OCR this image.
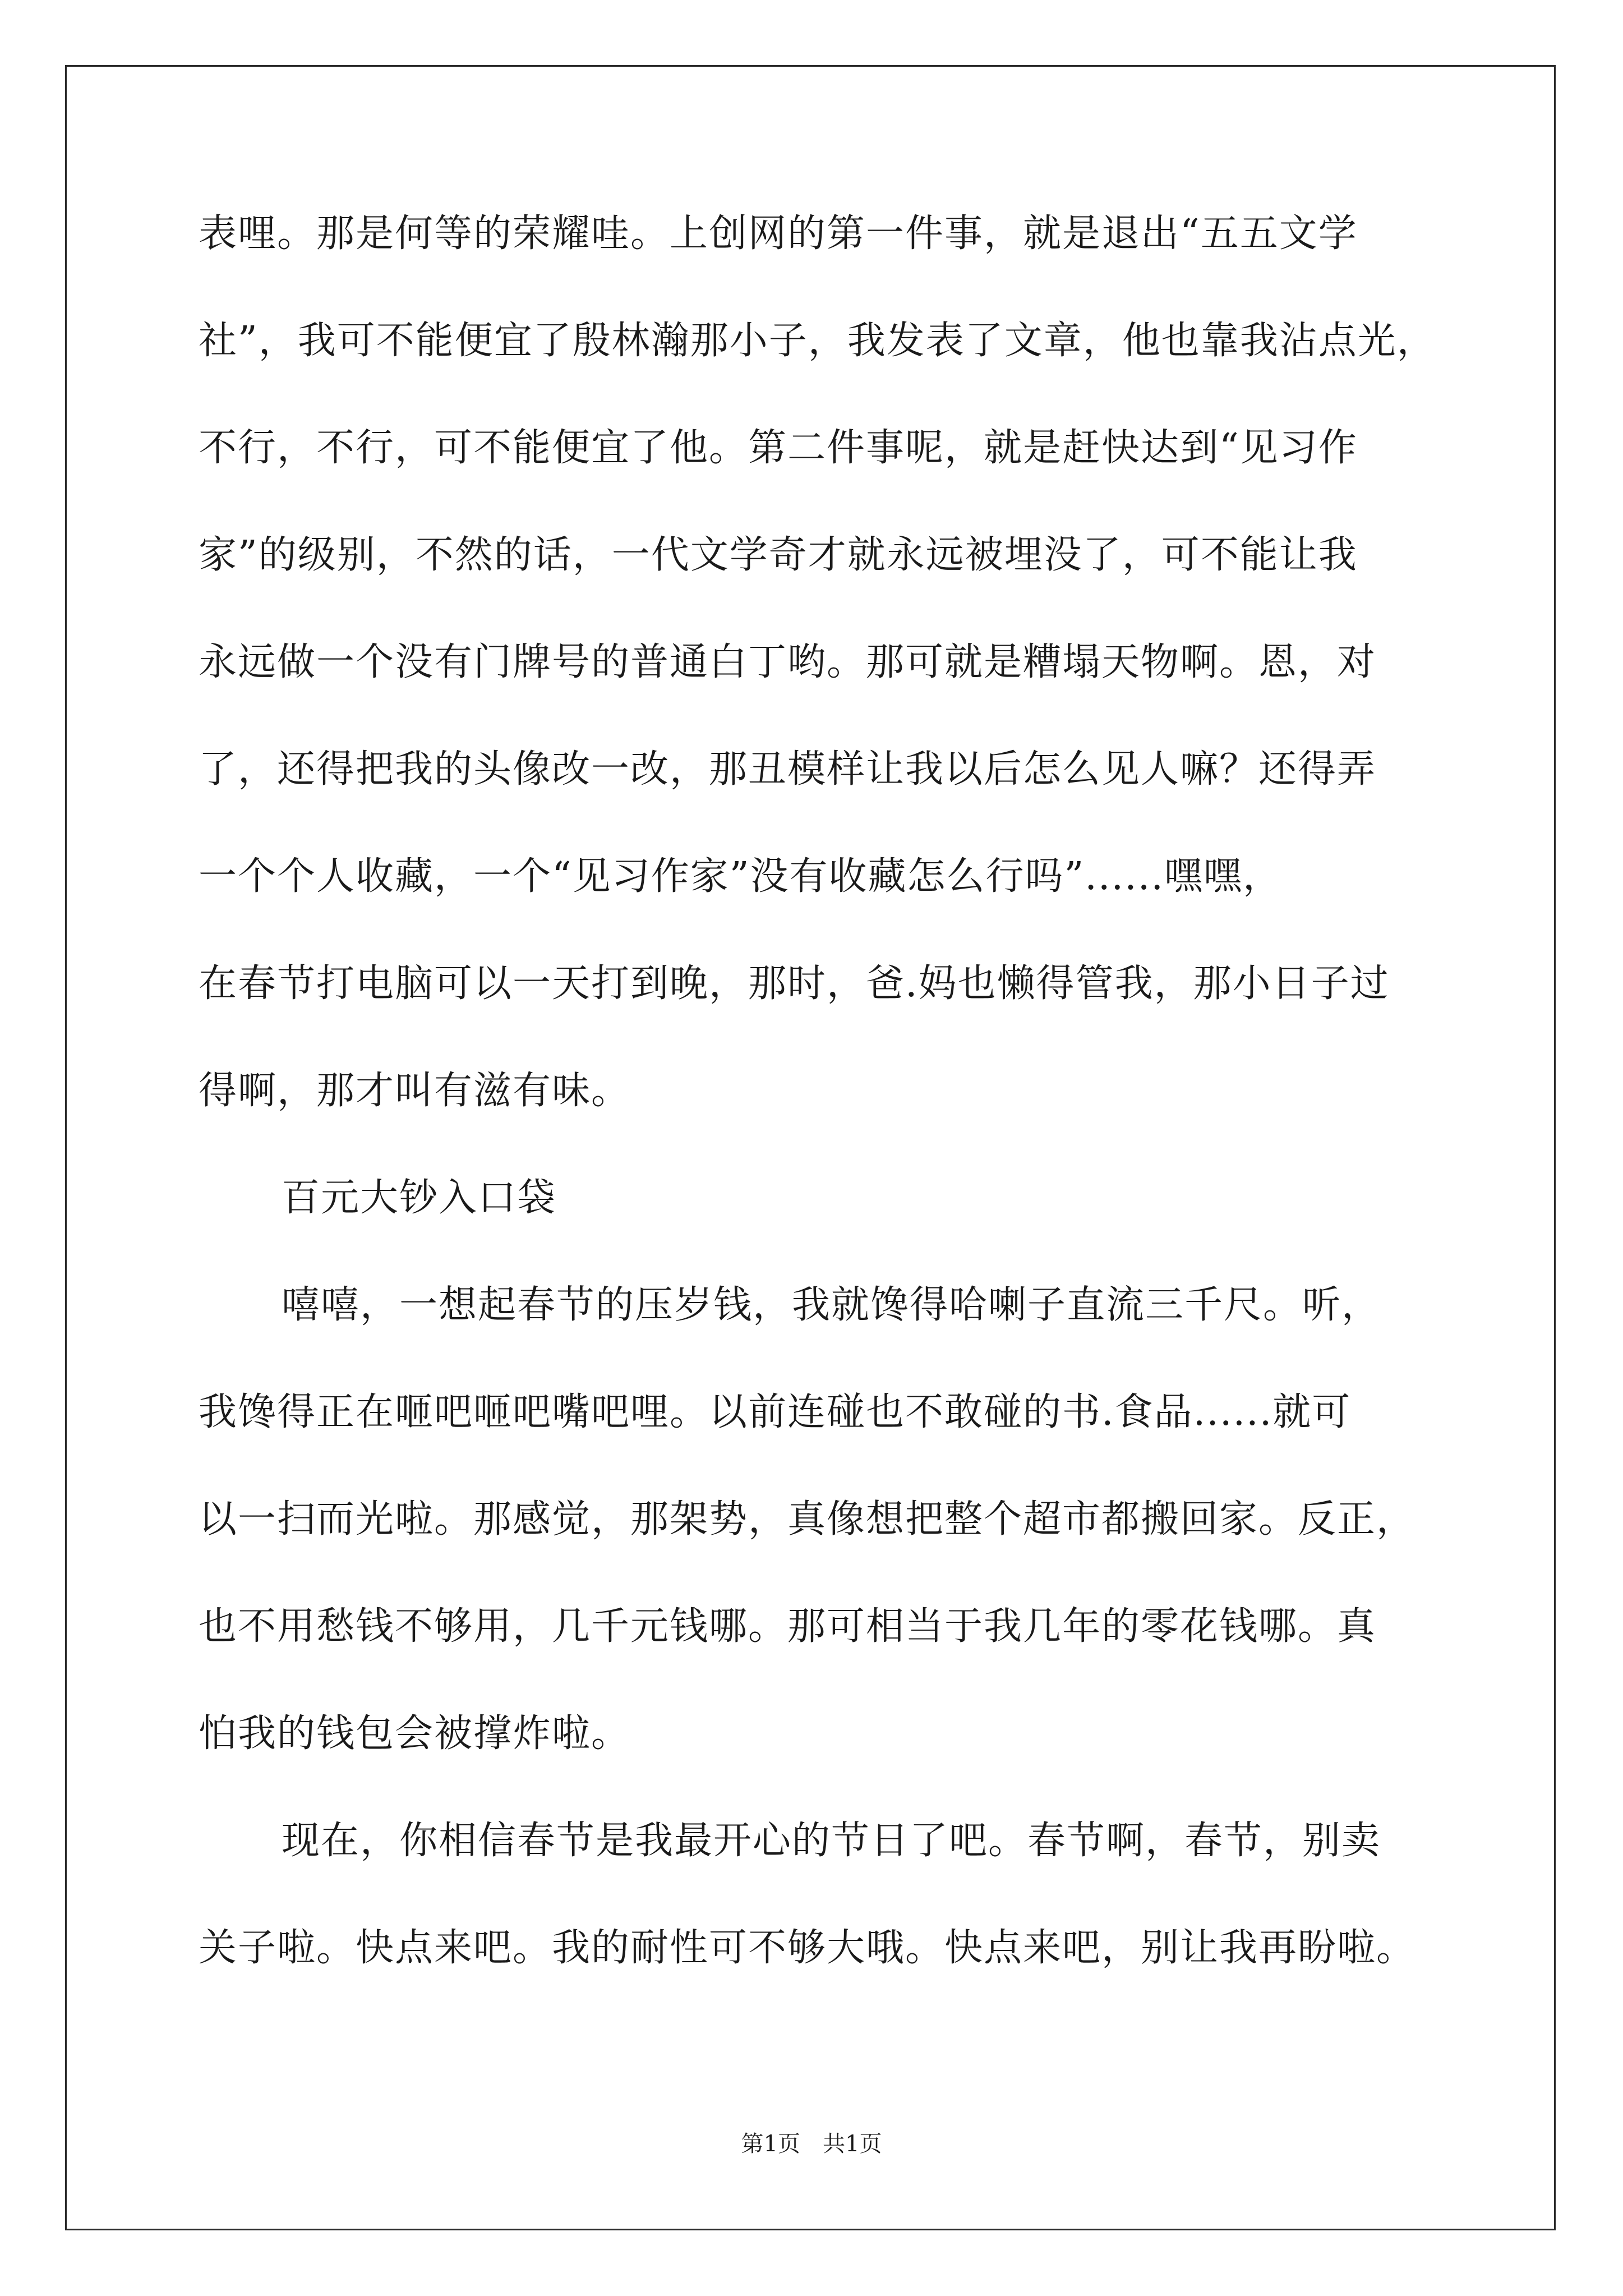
表哩。那是何等的荣耀哇。上创网的第一件事，就是退出“五五文学
社”，我可不能便宜了殷林瀚那小子，我发表了文章，他也靠我沾点光，
不行，不行，可不能便宜了他。第二件事呢，就是赶快达到“见习作
家”的级别，不然的话，一代文学奇才就永远被埋没了，可不能让我
永远做一个没有门牌号的普通白丁哟。那可就是糟塌天物啊。恩，对
了，还得把我的头像改一改，那丑模样让我以后怎么见人嘛？还得弄
一个个人收藏，一个“见习作家”没有收藏怎么行吗”......嘿嘿，
在春节打电脑可以一天打到晚，那时，爸.妈也懒得管我，那小日子过
得啊，那才叫有滋有味。
百元大钞入口袋
嘻嘻，一想起春节的压岁钱，我就馋得哈喇子直流三千尺。听，
我馋得正在咂吧咂吧嘴吧哩。以前连碰也不敢碰的书.食品......就可
以一扫而光啦。那感觉，那架势，真像想把整个超市都搬回家。反正，
也不用愁钱不够用，几千元钱哪。那可相当于我几年的零花钱哪。真
怕我的钱包会被撑炸啦。
现在，你相信春节是我最开心的节日了吧。春节啊，春节，别卖
关子啦。快点来吧。我的耐性可不够大哦。快点来吧，别让我再盼啦。
第1页　共1页
